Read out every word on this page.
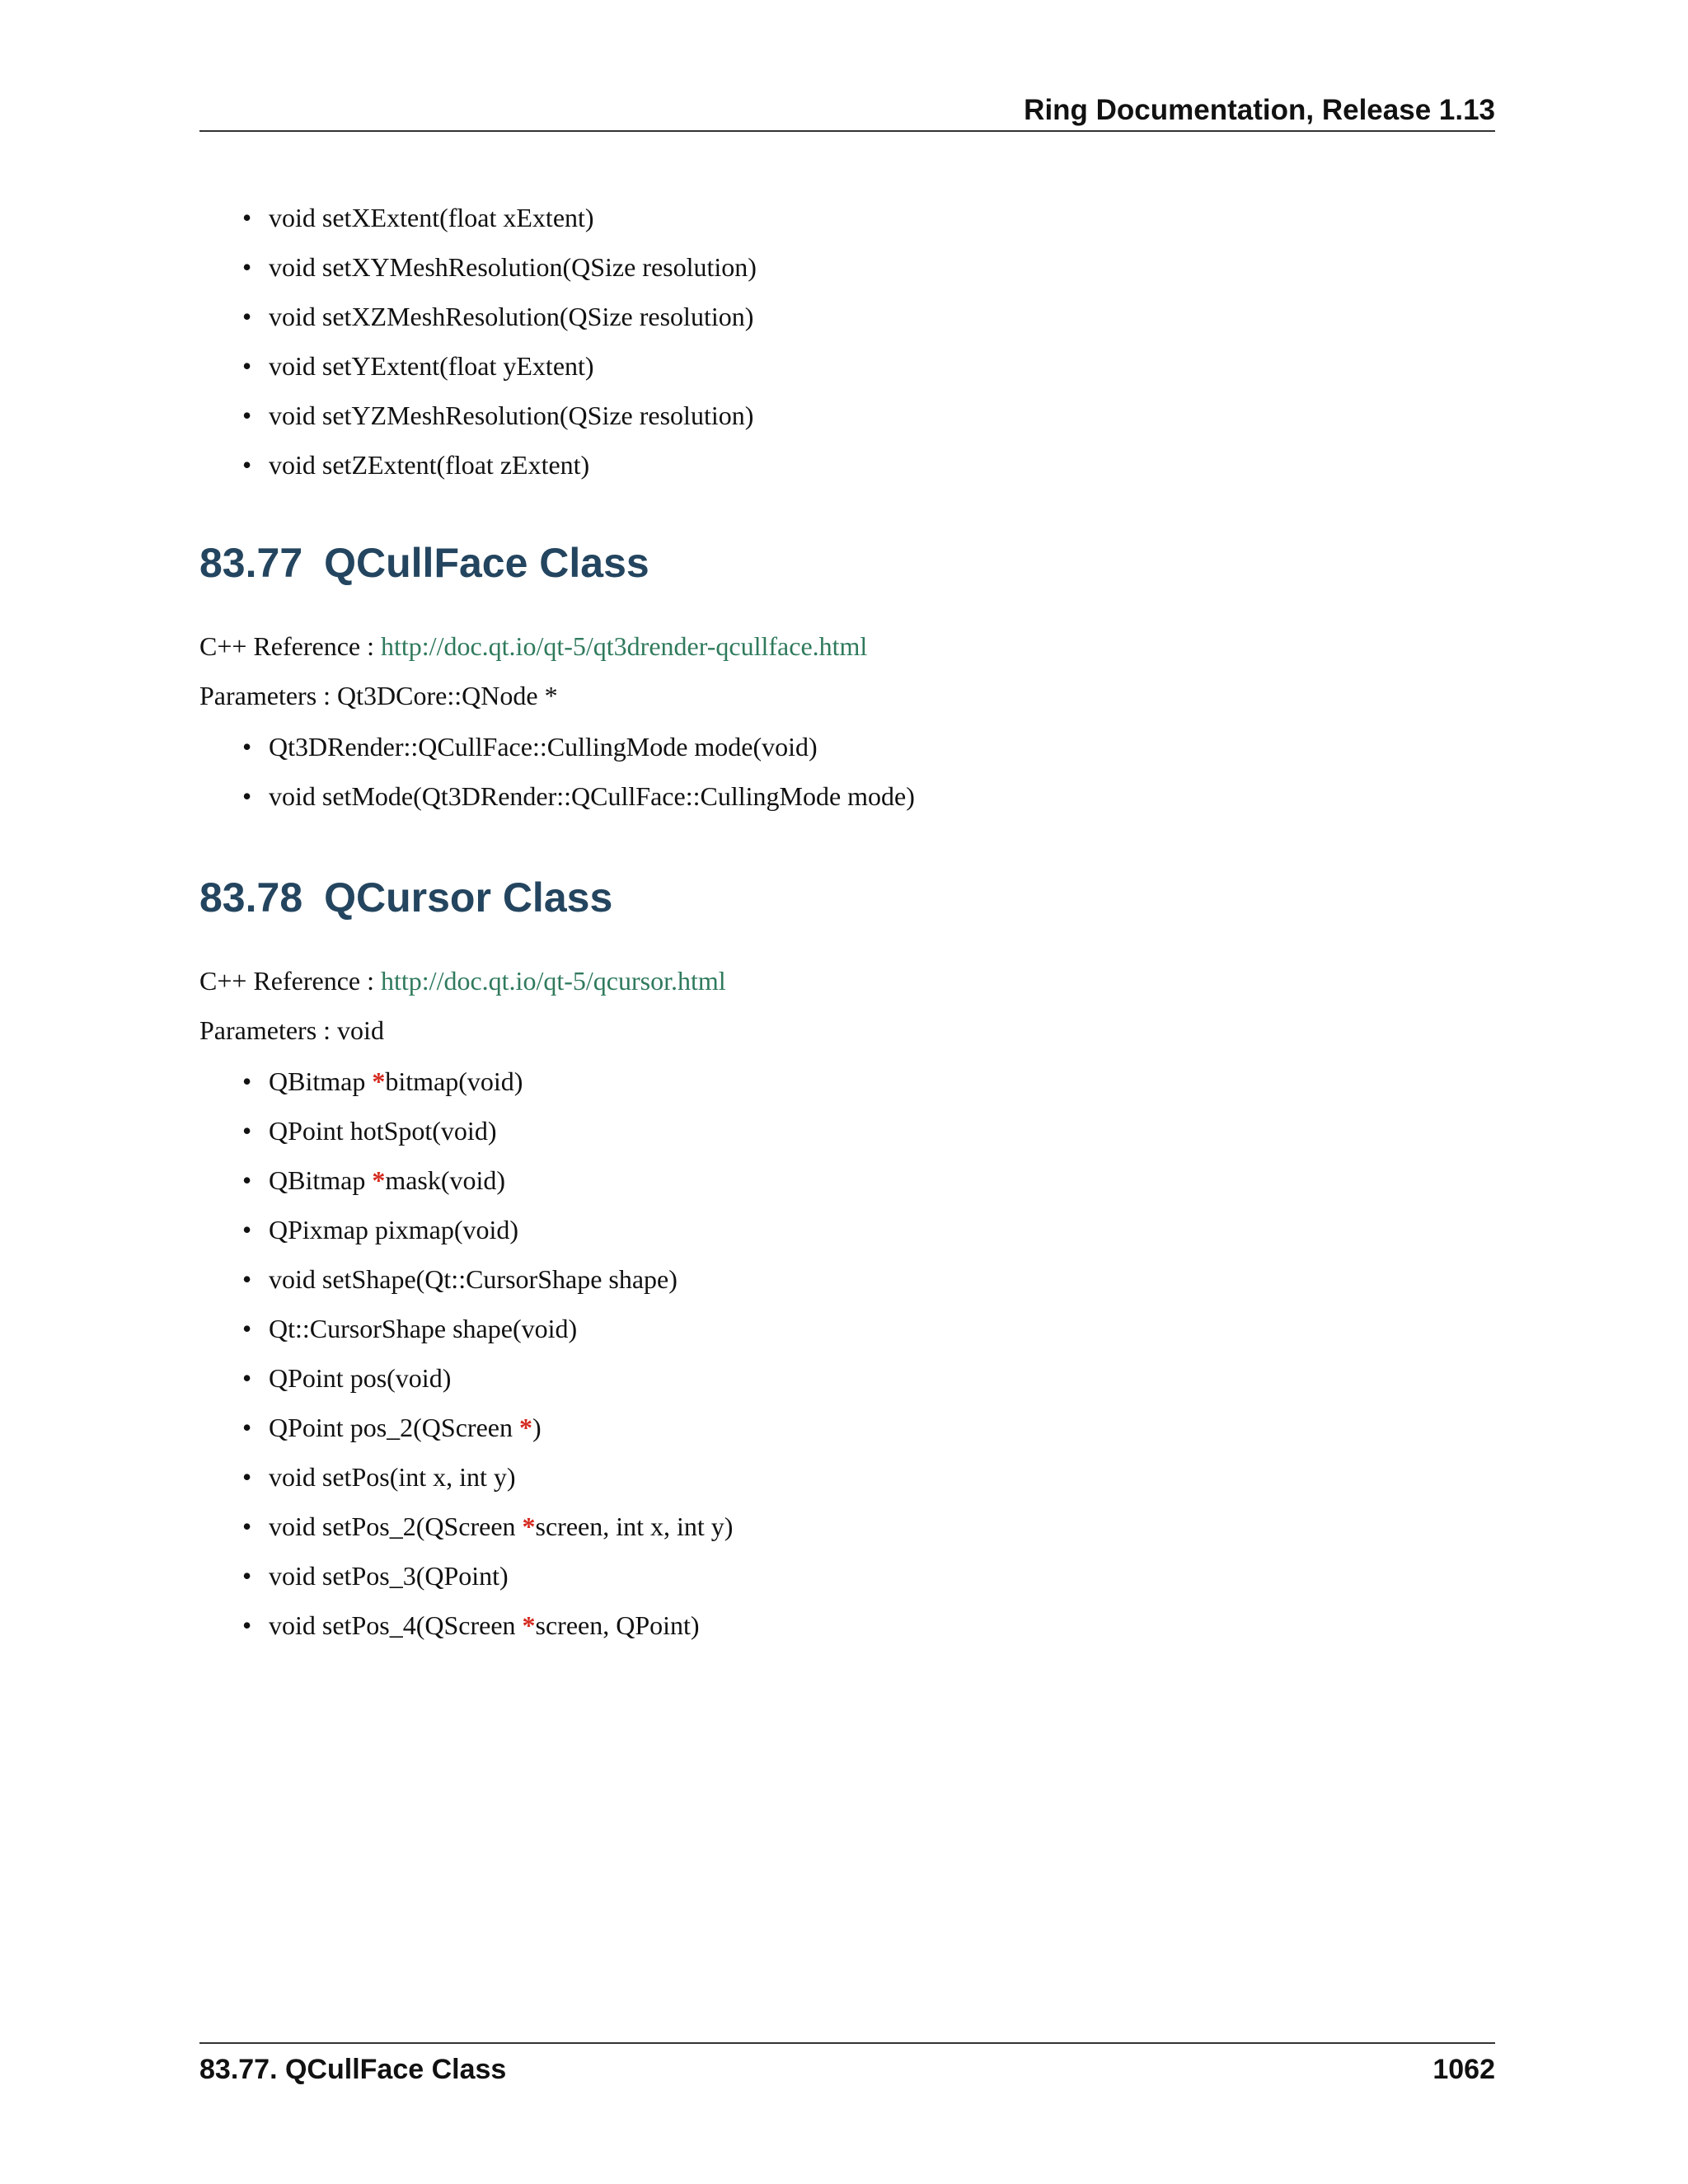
Ring Documentation, Release 1.13
• void setXExtent(float xExtent)
• void setXYMeshResolution(QSize resolution)
• void setXZMeshResolution(QSize resolution)
• void setYExtent(float yExtent)
• void setYZMeshResolution(QSize resolution)
• void setZExtent(float zExtent)
83.77 QCullFace Class
C++ Reference : http://doc.qt.io/qt-5/qt3drender-qcullface.html
Parameters : Qt3DCore::QNode *
• Qt3DRender::QCullFace::CullingMode mode(void)
• void setMode(Qt3DRender::QCullFace::CullingMode mode)
83.78 QCursor Class
C++ Reference : http://doc.qt.io/qt-5/qcursor.html
Parameters : void
• QBitmap *bitmap(void)
• QPoint hotSpot(void)
• QBitmap *mask(void)
• QPixmap pixmap(void)
• void setShape(Qt::CursorShape shape)
• Qt::CursorShape shape(void)
• QPoint pos(void)
• QPoint pos_2(QScreen *)
• void setPos(int x, int y)
• void setPos_2(QScreen *screen, int x, int y)
• void setPos_3(QPoint)
• void setPos_4(QScreen *screen, QPoint)
83.77. QCullFace Class	1062
